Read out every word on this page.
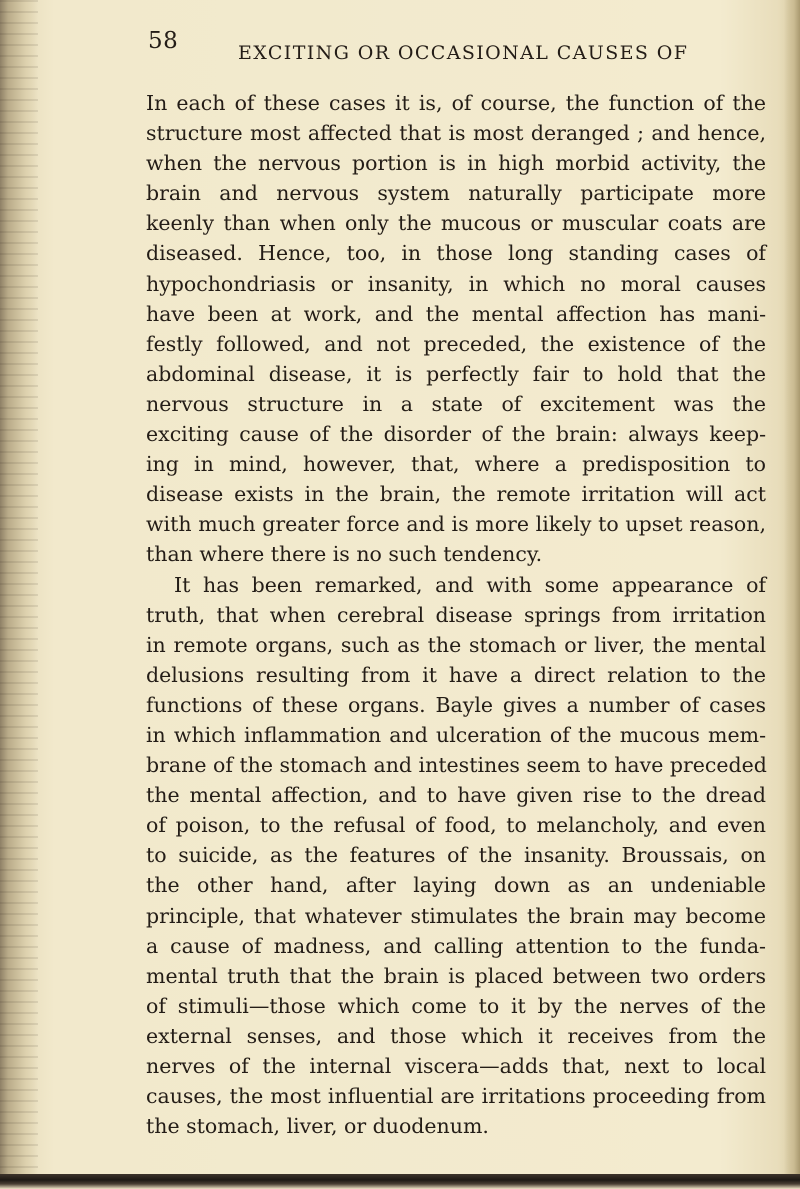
58	EXCITING OR OCCASIONAL CAUSES OF
In each of these cases it is, of course, the function of the
structure most affected that is most deranged ; and hence,
when the nervous portion is in high morbid activity, the
brain and nervous system naturally participate more
keenly than when only the mucous or muscular coats are
diseased. Hence, too, in those long standing cases of
hypochondriasis or insanity, in which no moral causes
have been at work, and the mental affection has mani-
festly followed, and not preceded, the existence of the
abdominal disease, it is perfectly fair to hold that the
nervous structure in a state of excitement was the
exciting cause of the disorder of the brain: always keep-
ing in mind, however, that, where a predisposition to
disease exists in the brain, the remote irritation will act
with much greater force and is more likely to upset reason,
than where there is no such tendency.
It has been remarked, and with some appearance of
truth, that when cerebral disease springs from irritation
in remote organs, such as the stomach or liver, the mental
delusions resulting from it have a direct relation to the
functions of these organs. Bayle gives a number of cases
in which inflammation and ulceration of the mucous mem-
brane of the stomach and intestines seem to have preceded
the mental affection, and to have given rise to the dread
of poison, to the refusal of food, to melancholy, and even
to suicide, as the features of the insanity. Broussais, on
the other hand, after laying down as an undeniable
principle, that whatever stimulates the brain may become
a cause of madness, and calling attention to the funda-
mental truth that the brain is placed between two orders
of stimuli—those which come to it by the nerves of the
external senses, and those which it receives from the
nerves of the internal viscera—adds that, next to local
causes, the most influential are irritations proceeding from
the stomach, liver, or duodenum.
